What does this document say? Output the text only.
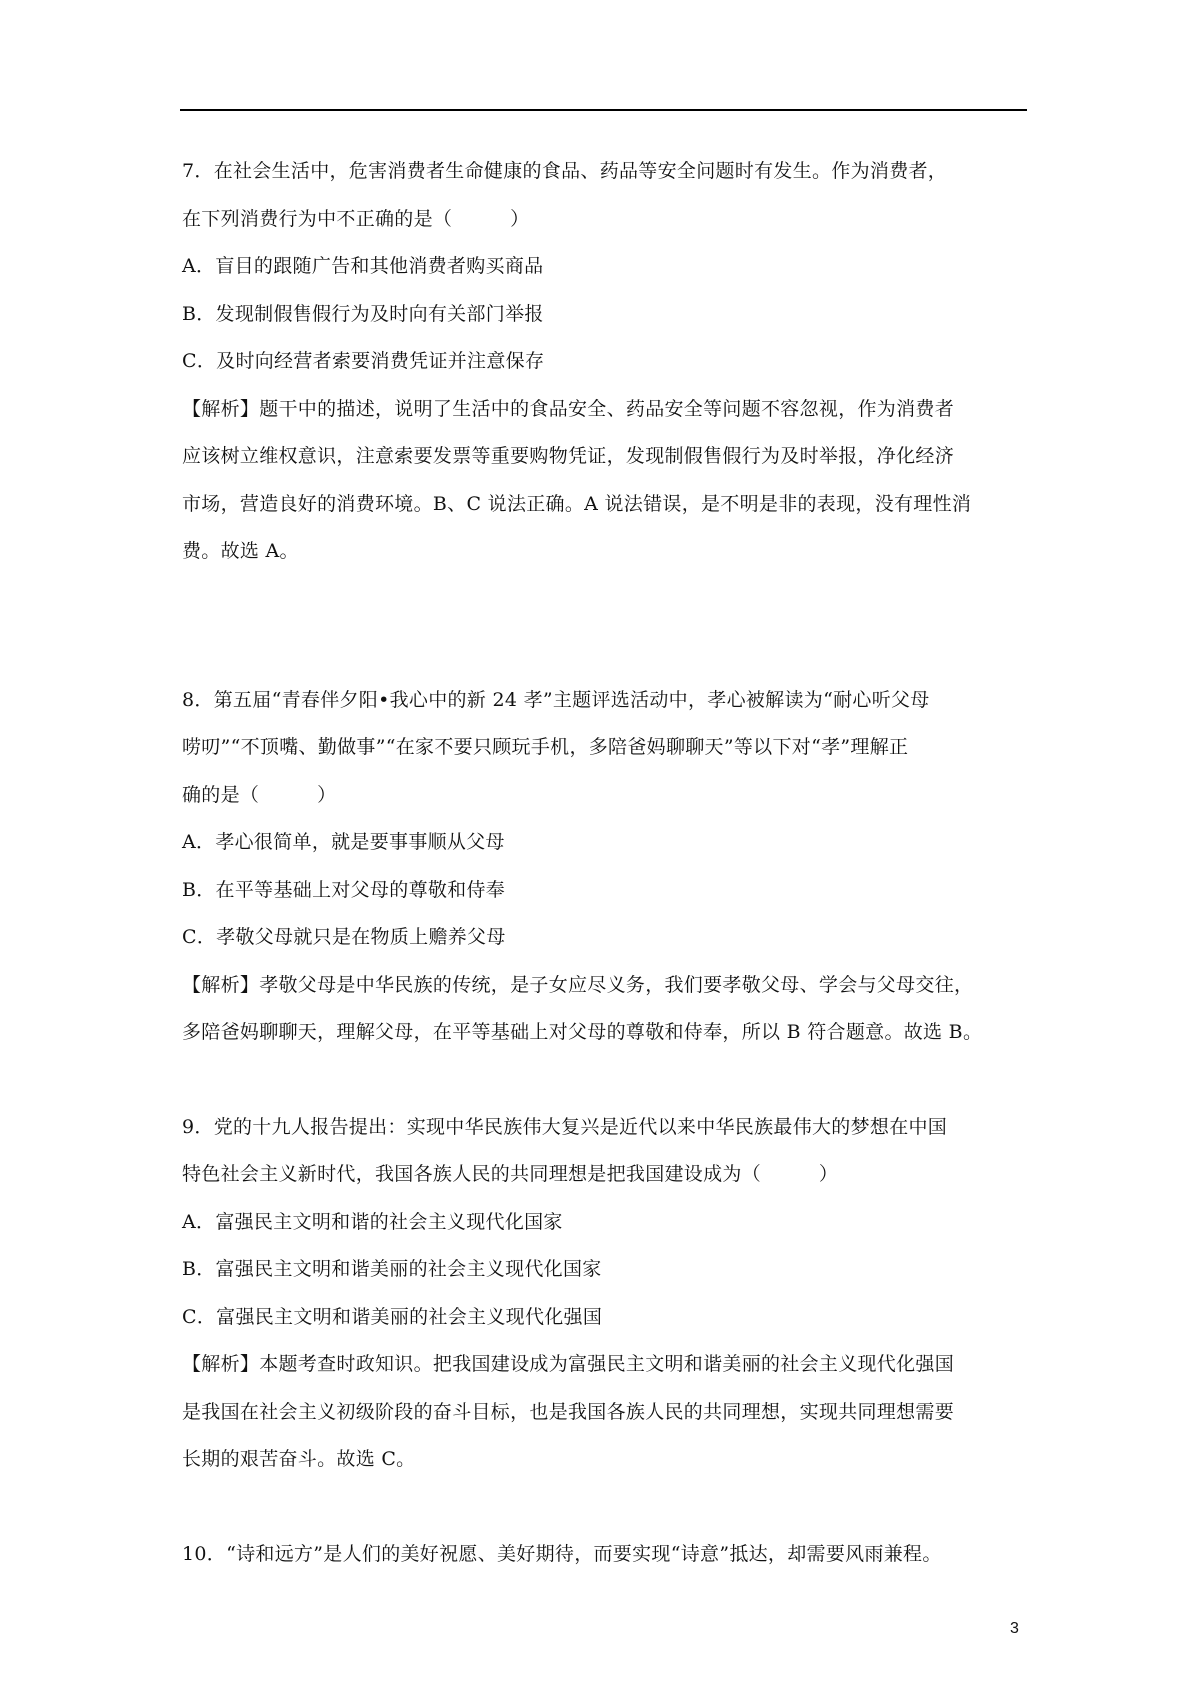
7．在社会生活中，危害消费者生命健康的食品、药品等安全问题时有发生。作为消费者，
在下列消费行为中不正确的是（　　　）
A．盲目的跟随广告和其他消费者购买商品
B．发现制假售假行为及时向有关部门举报
C．及时向经营者索要消费凭证并注意保存
【解析】题干中的描述，说明了生活中的食品安全、药品安全等问题不容忽视，作为消费者
应该树立维权意识，注意索要发票等重要购物凭证，发现制假售假行为及时举报，净化经济
市场，营造良好的消费环境。B、C 说法正确。A 说法错误，是不明是非的表现，没有理性消
费。故选 A。
8．第五届“青春伴夕阳•我心中的新 24 孝”主题评选活动中，孝心被解读为“耐心听父母
唠叨”“不顶嘴、勤做事”“在家不要只顾玩手机，多陪爸妈聊聊天”等以下对“孝”理解正
确的是（　　　）
A．孝心很简单，就是要事事顺从父母
B．在平等基础上对父母的尊敬和侍奉
C．孝敬父母就只是在物质上赡养父母
【解析】孝敬父母是中华民族的传统，是子女应尽义务，我们要孝敬父母、学会与父母交往，
多陪爸妈聊聊天，理解父母，在平等基础上对父母的尊敬和侍奉，所以 B 符合题意。故选 B。
9．党的十九人报告提出：实现中华民族伟大复兴是近代以来中华民族最伟大的梦想在中国
特色社会主义新时代，我国各族人民的共同理想是把我国建设成为（　　　）
A．富强民主文明和谐的社会主义现代化国家
B．富强民主文明和谐美丽的社会主义现代化国家
C．富强民主文明和谐美丽的社会主义现代化强国
【解析】本题考查时政知识。把我国建设成为富强民主文明和谐美丽的社会主义现代化强国
是我国在社会主义初级阶段的奋斗目标，也是我国各族人民的共同理想，实现共同理想需要
长期的艰苦奋斗。故选 C。
10．“诗和远方”是人们的美好祝愿、美好期待，而要实现“诗意”抵达，却需要风雨兼程。
3
